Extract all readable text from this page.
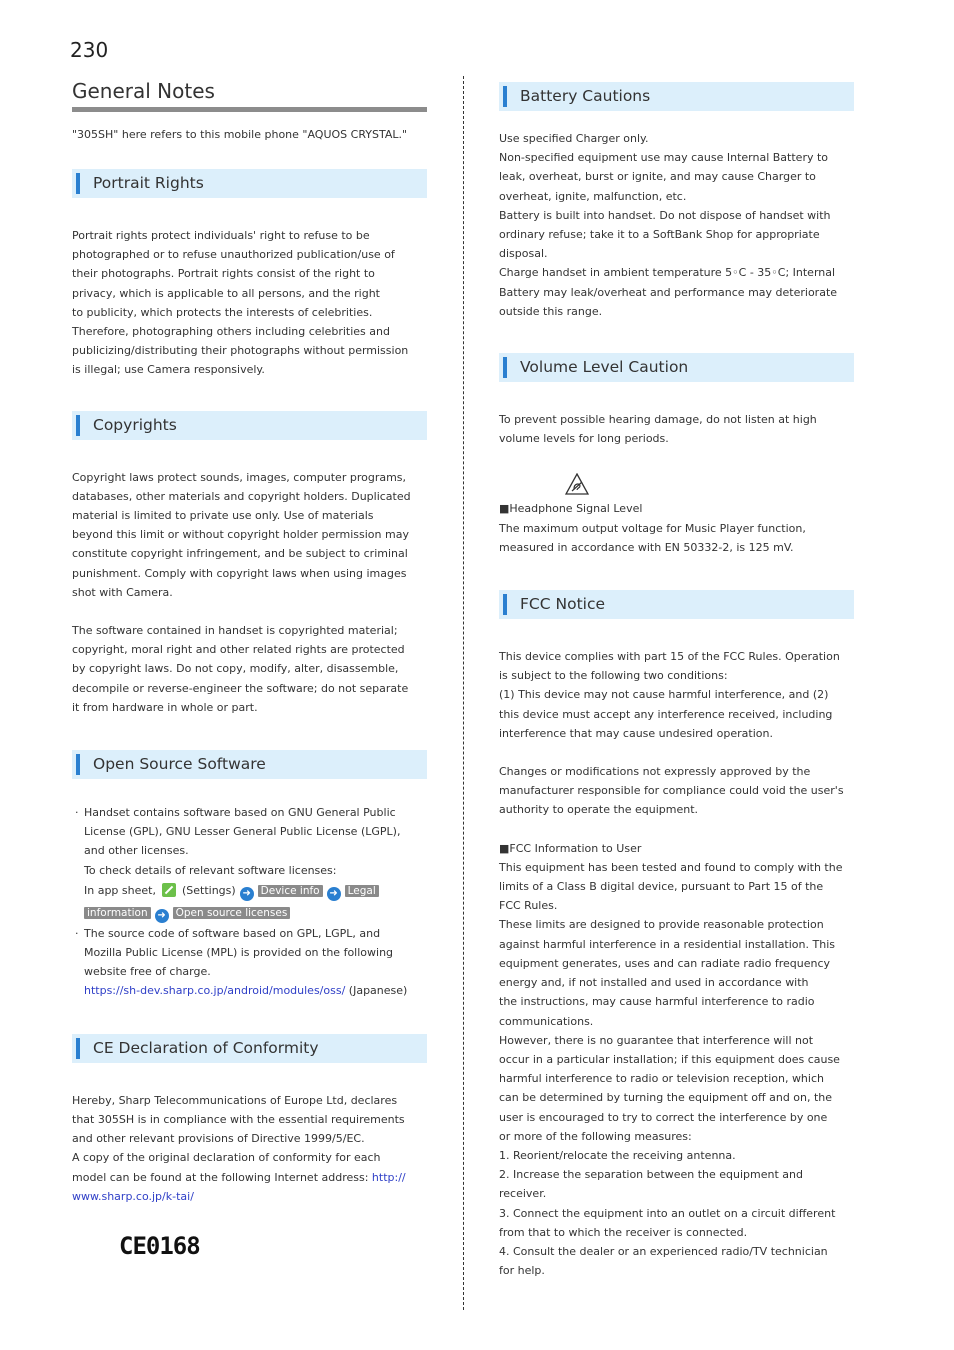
230
General Notes

"305SH" here refers to this mobile phone "AQUOS CRYSTAL."

Portrait Rights
Portrait rights protect individuals' right to refuse to be
photographed or to refuse unauthorized publication/use of
their photographs. Portrait rights consist of the right to
privacy, which is applicable to all persons, and the right
to publicity, which protects the interests of celebrities.
Therefore, photographing others including celebrities and
publicizing/distributing their photographs without permission
is illegal; use Camera responsively.
Copyrights
Copyright laws protect sounds, images, computer programs,
databases, other materials and copyright holders. Duplicated
material is limited to private use only. Use of materials
beyond this limit or without copyright holder permission may
constitute copyright infringement, and be subject to criminal
punishment. Comply with copyright laws when using images
shot with Camera.
The software contained in handset is copyrighted material;
copyright, moral right and other related rights are protected
by copyright laws. Do not copy, modify, alter, disassemble,
decompile or reverse-engineer the software; do not separate
it from hardware in whole or part.
Open Source Software
· Handset contains software based on GNU General Public
License (GPL), GNU Lesser General Public License (LGPL),
and other licenses.
To check details of relevant software licenses:
In app sheet, (Settings) ➜ Device info ➜ Legal
information ➜ Open source licenses
· The source code of software based on GPL, LGPL, and
Mozilla Public License (MPL) is provided on the following
website free of charge.
https://sh-dev.sharp.co.jp/android/modules/oss/ (Japanese)
CE Declaration of Conformity
Hereby, Sharp Telecommunications of Europe Ltd, declares
that 305SH is in compliance with the essential requirements
and other relevant provisions of Directive 1999/5/EC.
A copy of the original declaration of conformity for each
model can be found at the following Internet address: http://
www.sharp.co.jp/k-tai/
CE0168
Battery Cautions
Use specified Charger only.
Non-specified equipment use may cause Internal Battery to
leak, overheat, burst or ignite, and may cause Charger to
overheat, ignite, malfunction, etc.
Battery is built into handset. Do not dispose of handset with
ordinary refuse; take it to a SoftBank Shop for appropriate
disposal.
Charge handset in ambient temperature 5◦C - 35◦C; Internal
Battery may leak/overheat and performance may deteriorate
outside this range.
Volume Level Caution
To prevent possible hearing damage, do not listen at high
volume levels for long periods.
■Headphone Signal Level
The maximum output voltage for Music Player function,
measured in accordance with EN 50332-2, is 125 mV.
FCC Notice
This device complies with part 15 of the FCC Rules. Operation
is subject to the following two conditions:
(1) This device may not cause harmful interference, and (2)
this device must accept any interference received, including
interference that may cause undesired operation.
Changes or modifications not expressly approved by the
manufacturer responsible for compliance could void the user's
authority to operate the equipment.
■FCC Information to User
This equipment has been tested and found to comply with the
limits of a Class B digital device, pursuant to Part 15 of the
FCC Rules.
These limits are designed to provide reasonable protection
against harmful interference in a residential installation. This
equipment generates, uses and can radiate radio frequency
energy and, if not installed and used in accordance with
the instructions, may cause harmful interference to radio
communications.
However, there is no guarantee that interference will not
occur in a particular installation; if this equipment does cause
harmful interference to radio or television reception, which
can be determined by turning the equipment off and on, the
user is encouraged to try to correct the interference by one
or more of the following measures:
1. Reorient/relocate the receiving antenna.
2. Increase the separation between the equipment and
receiver.
3. Connect the equipment into an outlet on a circuit different
from that to which the receiver is connected.
4. Consult the dealer or an experienced radio/TV technician
for help.
